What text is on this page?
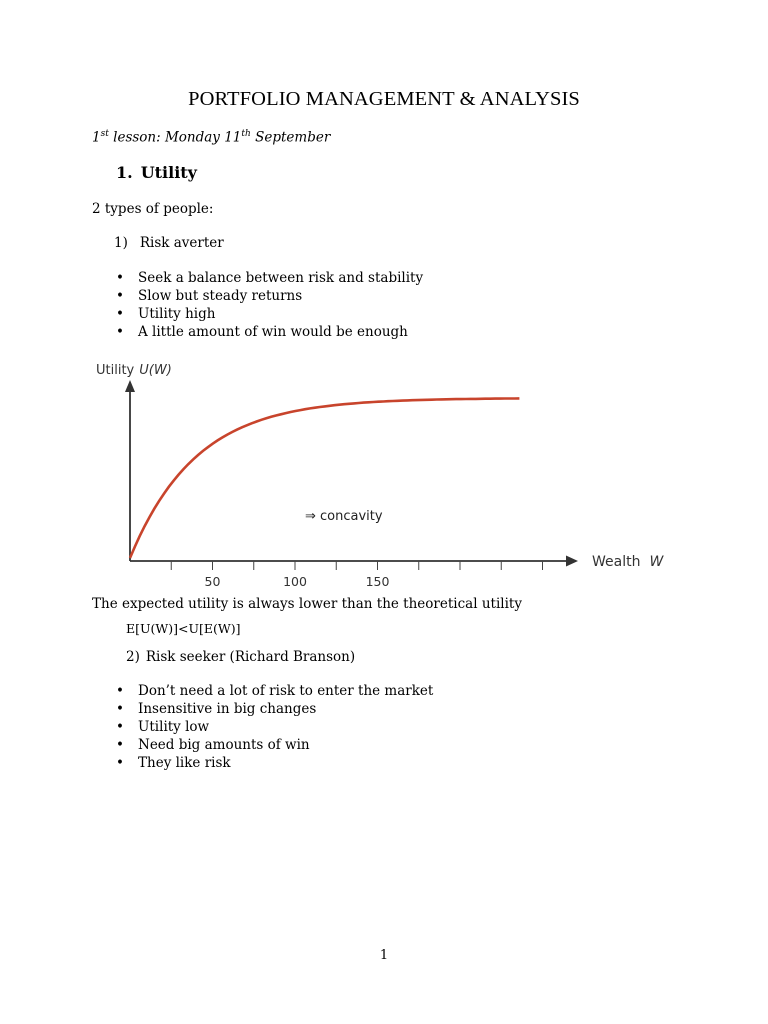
PORTFOLIO MANAGEMENT & ANALYSIS
1st lesson: Monday 11th September
1. Utility
2 types of people:
1) Risk averter
• Seek a balance between risk and stability
• Slow but steady returns
• Utility high
• A little amount of win would be enough
Utility U(W)
50	100	150
Wealth W
⇒ concavity
The expected utility is always lower than the theoretical utility
E[U(W)]<U[E(W)]
2) Risk seeker (Richard Branson)
• Don’t need a lot of risk to enter the market
• Insensitive in big changes
• Utility low
• Need big amounts of win
• They like risk
1
